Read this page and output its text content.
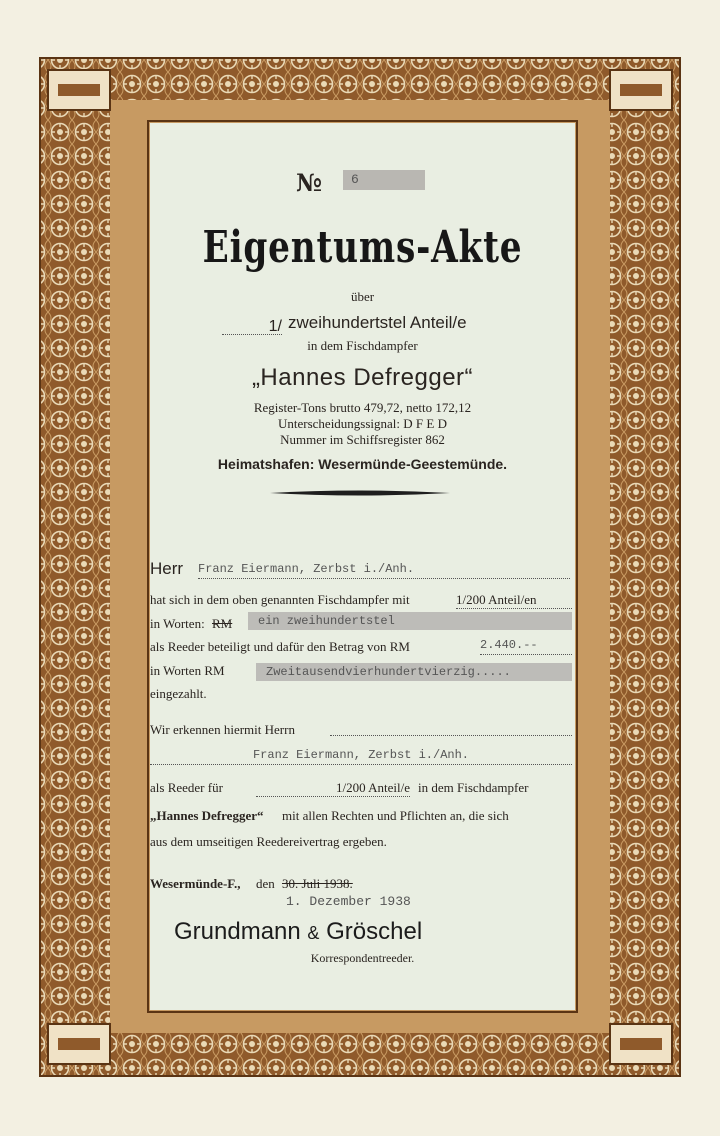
№	6
Eigentums-Akte
über
1/ zweihundertstel Anteil/e
in dem Fischdampfer
„Hannes Defregger“
Register-Tons brutto 479,72, netto 172,12
Unterscheidungssignal: D F E D
Nummer im Schiffsregister 862
Heimatshafen: Wesermünde-Geestemünde.
Herr Franz Eiermann, Zerbst i./Anh.
hat sich in dem oben genannten Fischdampfer mit	1/200 Anteil/en
in Worten: RM	ein zweihundertstel
als Reeder beteiligt und dafür den Betrag von RM	2.440.--
in Worten RM	Zweitausendvierhundertvierzig.....
eingezahlt.
Wir erkennen hiermit Herrn
Franz Eiermann, Zerbst i./Anh.
als Reeder für	1/200 Anteil/e in dem Fischdampfer
„Hannes Defregger“ mit allen Rechten und Pflichten an, die sich
aus dem umseitigen Reedereivertrag ergeben.
Wesermünde-F., den 30. Juli 1938.
1. Dezember 1938
Grundmann & Gröschel
Korrespondentreeder.
